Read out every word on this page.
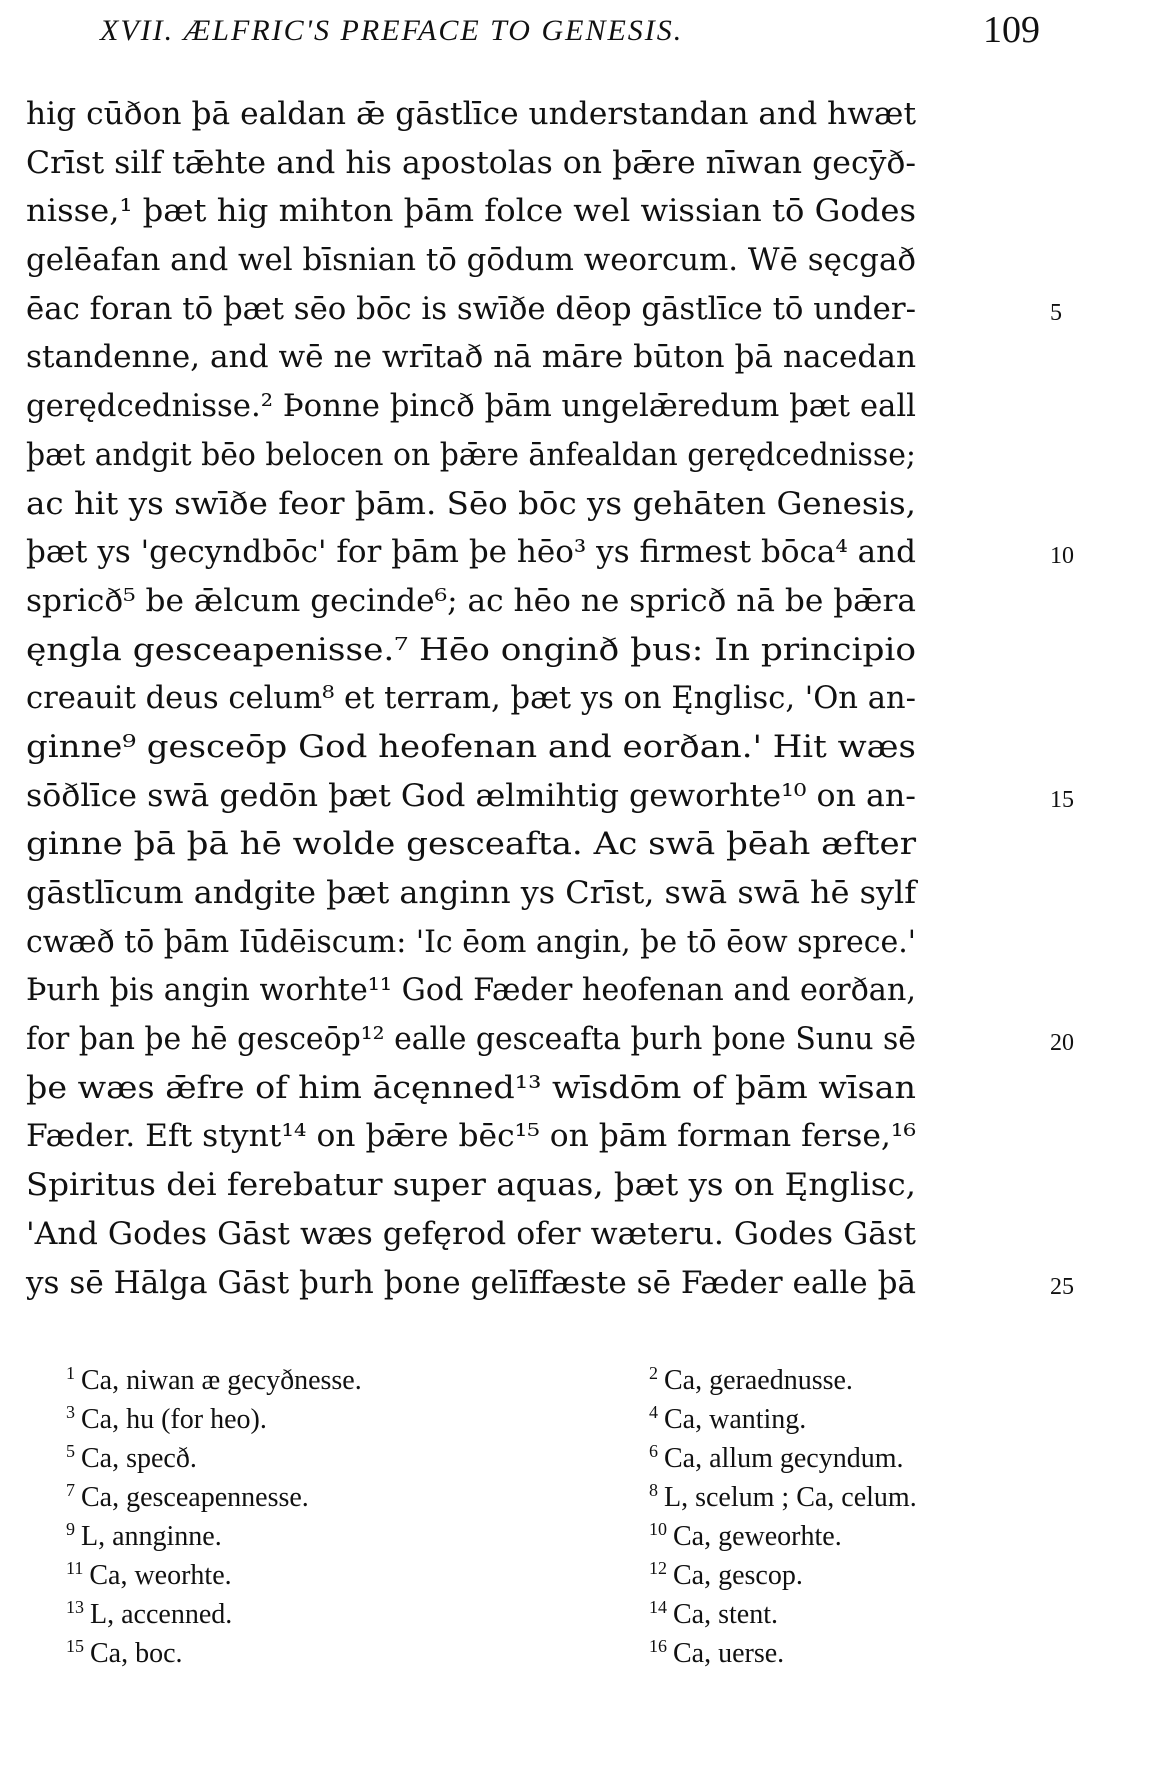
XVII. ÆLFRIC'S PREFACE TO GENESIS.	109
hig cūðon þā ealdan ǣ gāstlīce understandan and hwæt
Crīst silf tǣhte and his apostolas on þǣre nīwan gecȳð-
nisse,¹ þæt hig mihton þām folce wel wissian tō Godes
gelēafan and wel bīsnian tō gōdum weorcum. Wē sęcgað
ēac foran tō þæt sēo bōc is swīðe dēop gāstlīce tō under-	5
standenne, and wē ne wrītað nā māre būton þā nacedan
gerędcednisse.² Þonne þincð þām ungelǣredum þæt eall
þæt andgit bēo belocen on þǣre ānfealdan gerędcednisse;
ac hit ys swīðe feor þām. Sēo bōc ys gehāten Genesis,
þæt ys 'gecyndbōc' for þām þe hēo³ ys firmest bōca⁴ and	10
spricð⁵ be ǣlcum gecinde⁶; ac hēo ne spricð nā be þǣra
ęngla gesceapenisse.⁷ Hēo onginð þus: In principio
creauit deus celum⁸ et terram, þæt ys on Ęnglisc, 'On an-
ginne⁹ gesceōp God heofenan and eorðan.' Hit wæs
sōðlīce swā gedōn þæt God ælmihtig geworhte¹⁰ on an-	15
ginne þā þā hē wolde gesceafta. Ac swā þēah æfter
gāstlīcum andgite þæt anginn ys Crīst, swā swā hē sylf
cwæð tō þām Iūdēiscum: 'Ic ēom angin, þe tō ēow sprece.'
Þurh þis angin worhte¹¹ God Fæder heofenan and eorðan,
for þan þe hē gesceōp¹² ealle gesceafta þurh þone Sunu sē	20
þe wæs ǣfre of him ācęnned¹³ wīsdōm of þām wīsan
Fæder. Eft stynt¹⁴ on þǣre bēc¹⁵ on þām forman ferse,¹⁶
Spiritus dei ferebatur super aquas, þæt ys on Ęnglisc,
'And Godes Gāst wæs gefęrod ofer wæteru. Godes Gāst
ys sē Hālga Gāst þurh þone gelīffæste sē Fæder ealle þā	25
$^1$ Ca, niwan æ gecyðnesse.	$^2$ Ca, geraednusse.
$^3$ Ca, hu (for heo).	$^4$ Ca, wanting.
$^5$ Ca, specð.	$^6$ Ca, allum gecyndum.
$^7$ Ca, gesceapennesse.	$^8$ L, scelum ; Ca, celum.
$^9$ L, annginne.	$^{10}$ Ca, geweorhte.
$^{11}$ Ca, weorhte.	$^{12}$ Ca, gescop.
$^{13}$ L, accenned.	$^{14}$ Ca, stent.
$^{15}$ Ca, boc.	$^{16}$ Ca, uerse.
